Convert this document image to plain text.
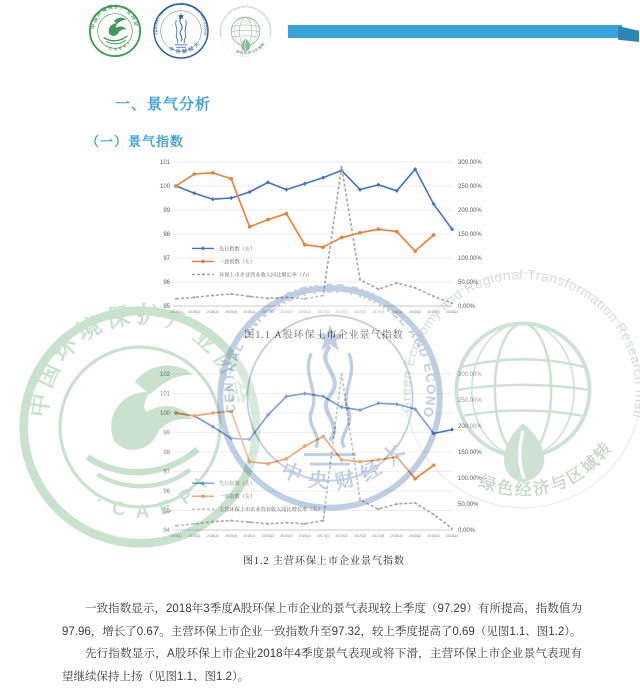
一、景气分析
（一）景气指数
101
100
99
98
97
96
95
300.00%
250.00%
200.00%
150.00%
100.00%
50.00%
0.00%
2015Q1 2015Q2 2015Q3 2015Q4 2016Q1 2016Q2 2016Q3 2016Q4 2017Q1 2017Q2 2017Q3 2017Q4 2018Q1 2018Q2 2018Q3 2018Q4
先行指数（左）
一致指数（左）
环保上市企业营业收入同比增长率（右）
图1.1 A股环保上市企业景气指数
102
101
100
99
98
97
96
95
94
300.00%
250.00%
200.00%
150.00%
100.00%
50.00%
0.00%
2015Q1 2015Q2 2015Q3 2015Q4 2016Q1 2016Q2 2016Q3 2016Q4 2017Q1 2017Q2 2017Q3 2017Q4 2018Q1 2018Q2 2018Q3 2018Q4
先行指数（左）
一致指数（左）
主营环保上市企业营业收入同比增长率（右）
图1.2 主营环保上市企业景气指数

一致指数显示，2018年3季度A股环保上市企业的景气表现较上季度（97.29）有所提高，指数值为97.96，增长了0.67。主营环保上市企业一致指数升至97.32，较上季度提高了0.69（见图1.1、图1.2）。

先行指数显示，A股环保上市企业2018年4季度景气表现或将下滑，主营环保上市企业景气表现有望继续保持上扬（见图1.1、图1.2）。
